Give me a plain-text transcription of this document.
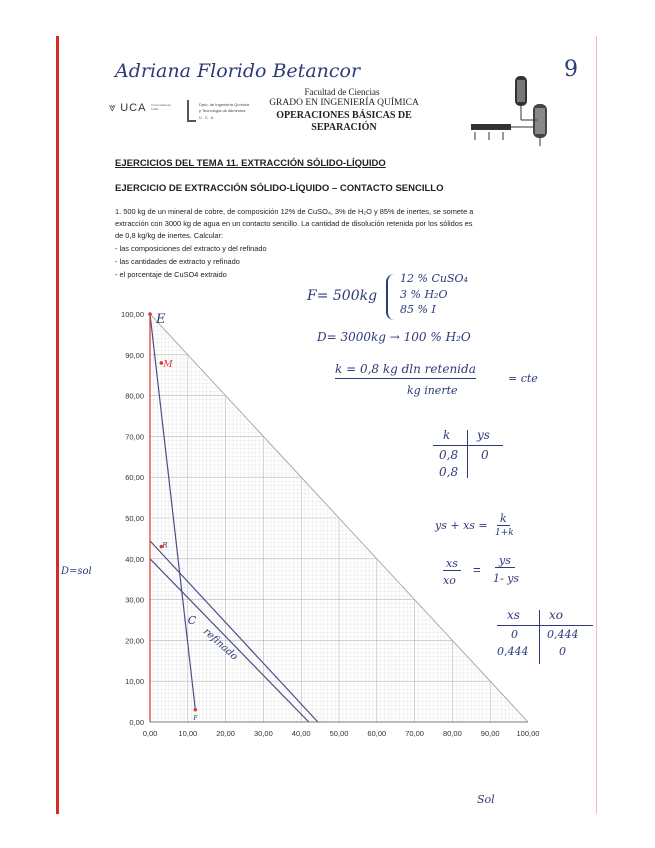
Adriana Florido Betancor	9
⩔ UCA Universidad de Cádiz
Dpto. de Ingeniería Química
y Tecnología de Alimentos
U C A
Facultad de Ciencias
GRADO EN INGENIERÍA QUÍMICA
OPERACIONES BÁSICAS DE
SEPARACIÓN
EJERCICIOS DEL TEMA 11. EXTRACCIÓN SÓLIDO-LÍQUIDO
EJERCICIO DE EXTRACCIÓN SÓLIDO-LÍQUIDO – CONTACTO SENCILLO
1. 500 kg de un mineral de cobre, de composición 12% de CuSO₄, 3% de H₂O y 85% de inertes, se somete a
extracción con 3000 kg de agua en un contacto sencillo. La cantidad de disolución retenida por los sólidos es
de 0,8 kg/kg de inertes. Calcular:
- las composiciones del extracto y del refinado
- las cantidades de extracto y refinado
- el porcentaje de CuSO4 extraido
F= 500kg
12 % CuSO₄
3 % H₂O
85 % I
D= 3000kg → 100 % H₂O
k = 0,8 kg dln retenida
kg inerte
= cte
k ys
0,8 0
0,8
ys + xs =
k
1+k
xs
xo
=
ys
1- ys
xs xo
0	0,444
0,444	0
D=sol
Sol
0,00	10,00	20,00	30,00	40,00	50,00	60,00	70,00	80,00	90,00 100,00
0,00
10,00
20,00
30,00
40,00
50,00
60,00
70,00
80,00
90,00
100,00 E
M
F
R
C
refinado
